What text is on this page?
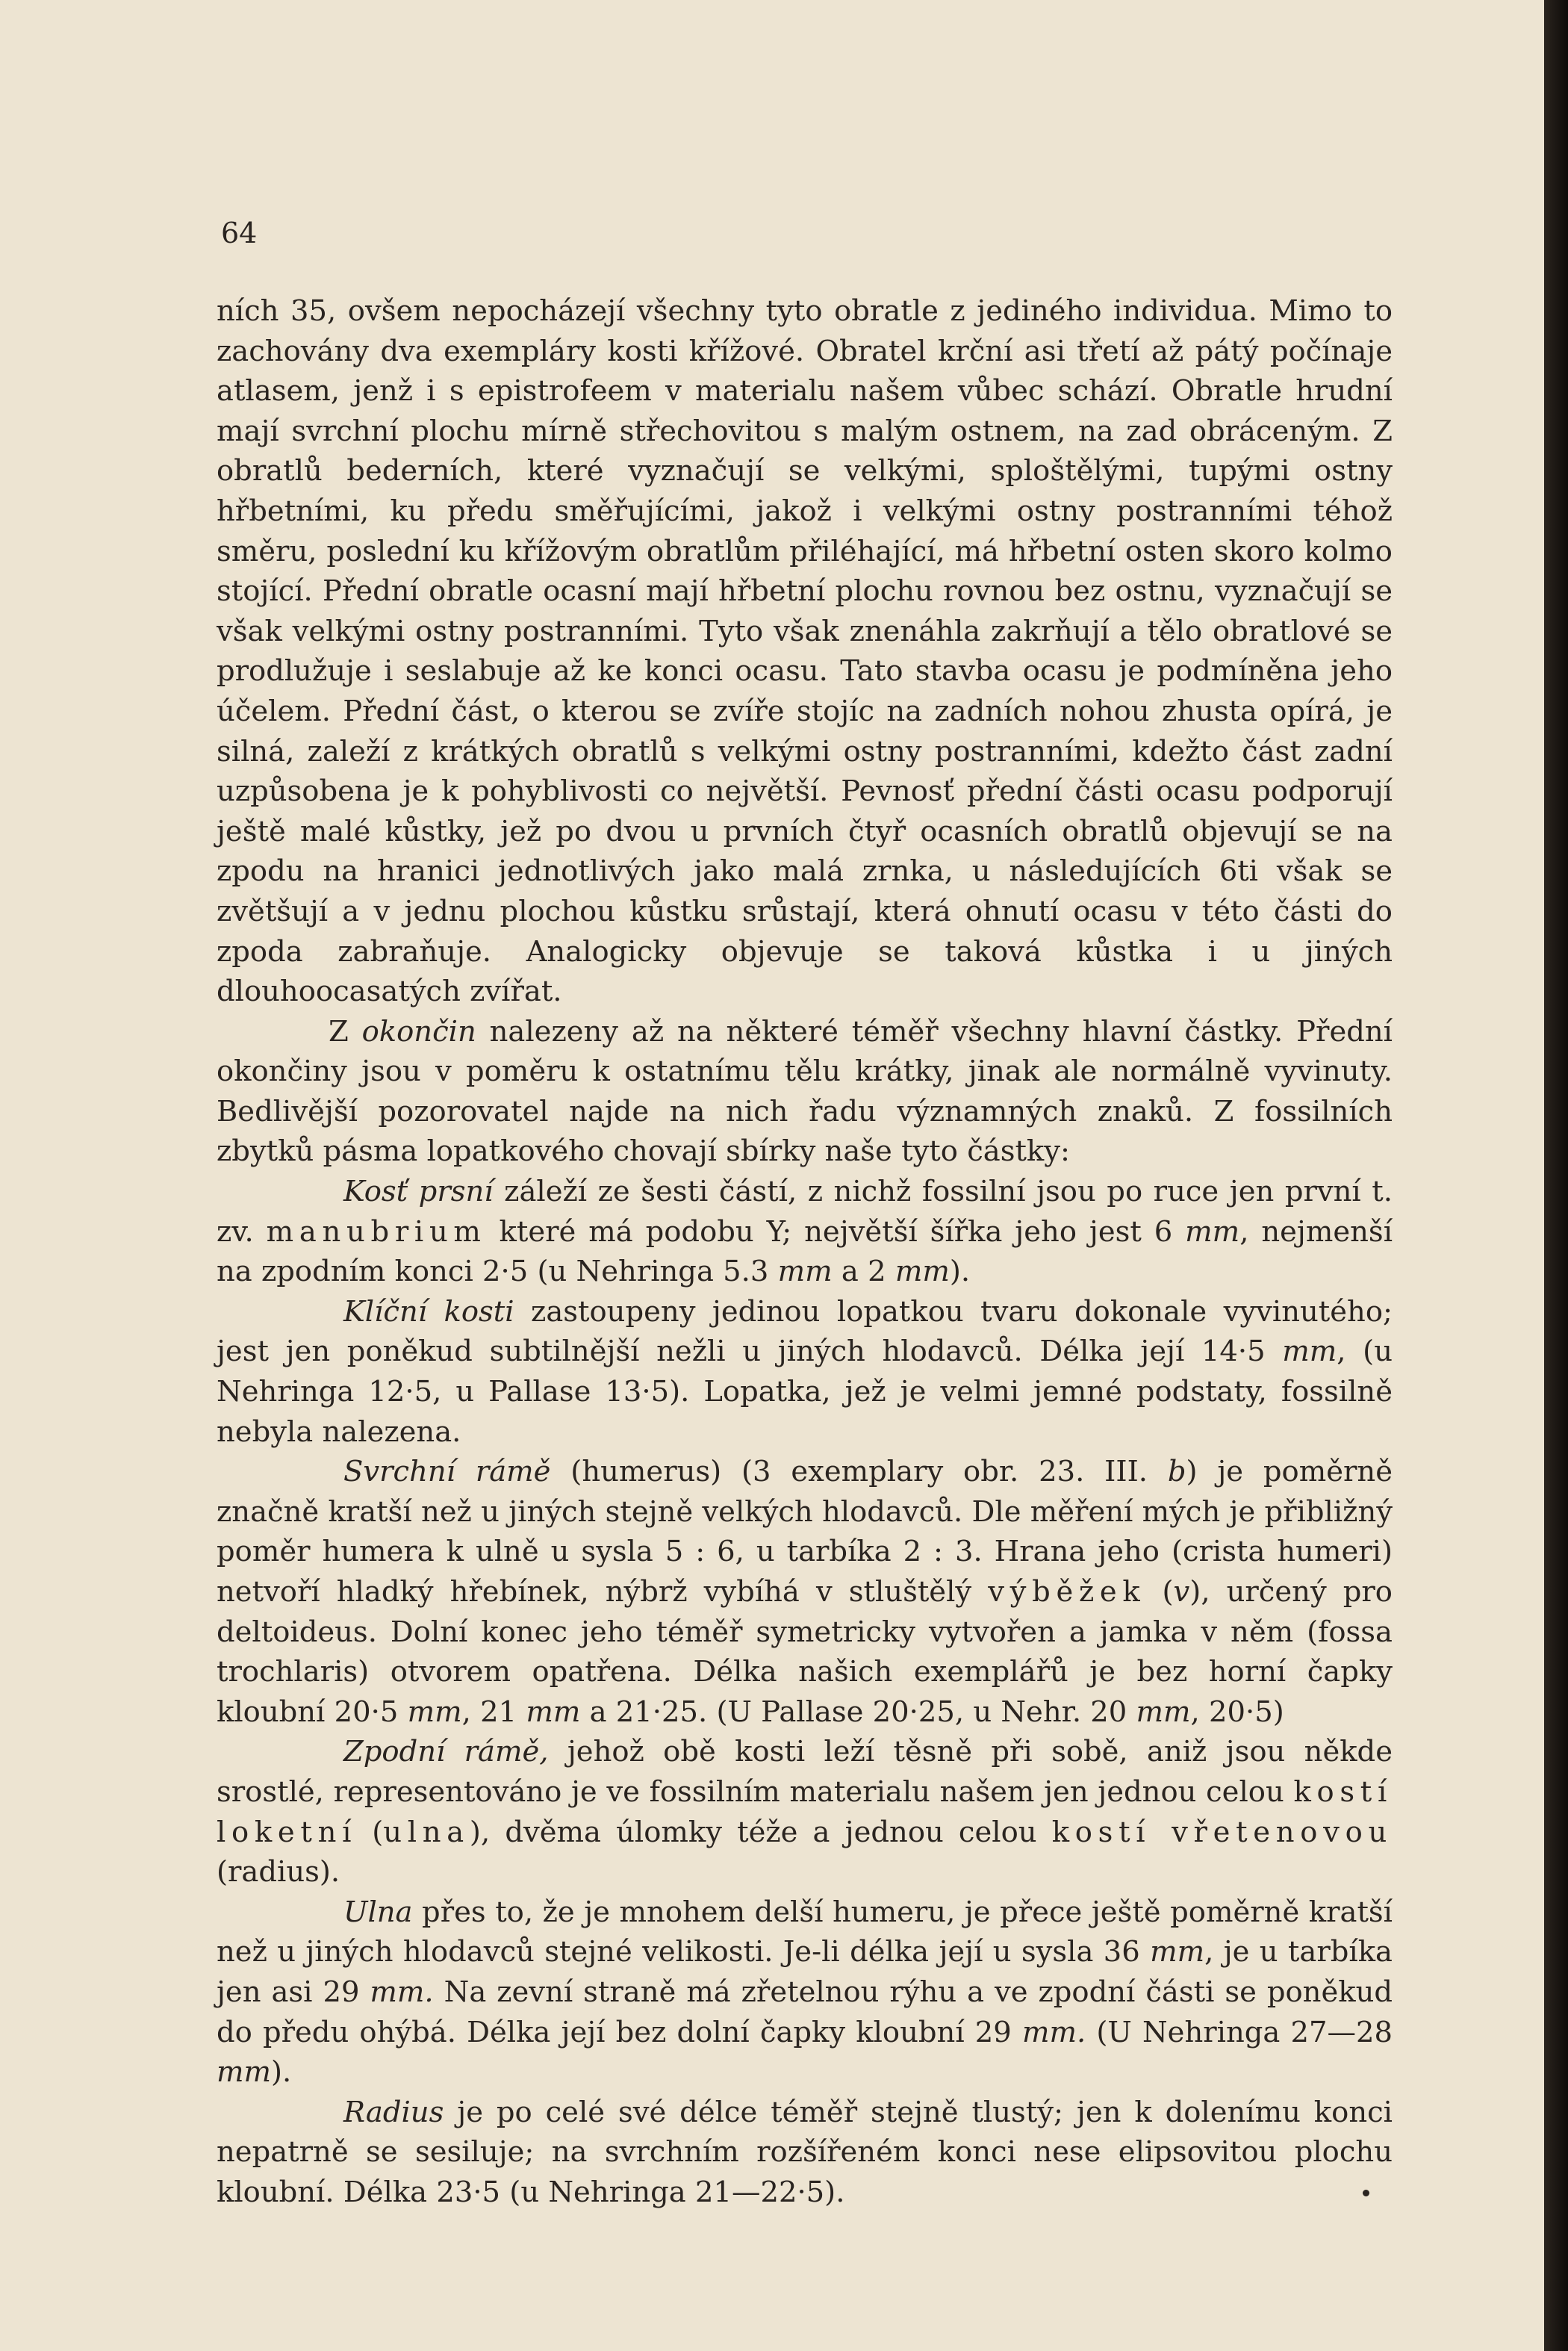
64

ních 35, ovšem nepocházejí všechny tyto obratle z jediného individua. Mimo to zachovány dva exempláry kosti křížové. Obratel krční asi třetí až pátý počínaje atlasem, jenž i s epistrofeem v materialu našem vůbec schází. Obratle hrudní mají svrchní plochu mírně střechovitou s malým ostnem, na zad obráceným. Z obratlů bederních, které vyznačují se velkými, sploštělými, tupými ostny hřbetními, ku předu směřujícími, jakož i velkými ostny postranními téhož směru, poslední ku křížovým obratlům přiléhající, má hřbetní osten skoro kolmo stojící. Přední obratle ocasní mají hřbetní plochu rovnou bez ostnu, vyznačují se však velkými ostny postranními. Tyto však znenáhla zakrňují a tělo obratlové se prodlužuje i seslabuje až ke konci ocasu. Tato stavba ocasu je podmíněna jeho účelem. Přední část, o kterou se zvíře stojíc na zadních nohou zhusta opírá, je silná, zaleží z krátkých obratlů s velkými ostny postranními, kdežto část zadní uzpůsobena je k pohyblivosti co největší. Pevnosť přední části ocasu podporují ještě malé kůstky, jež po dvou u prvních čtyř ocasních obratlů objevují se na zpodu na hranici jednotlivých jako malá zrnka, u následujících 6ti však se zvětšují a v jednu plochou kůstku srůstají, která ohnutí ocasu v této části do zpoda zabraňuje. Analogicky objevuje se taková kůstka i u jiných dlouhoocasatých zvířat.

Z okončin nalezeny až na některé téměř všechny hlavní částky. Přední okončiny jsou v poměru k ostatnímu tělu krátky, jinak ale normálně vyvinuty. Bedlivější pozorovatel najde na nich řadu významných znaků. Z fossilních zbytků pásma lopatkového chovají sbírky naše tyto částky:

Kosť prsní záleží ze šesti částí, z nichž fossilní jsou po ruce jen první t. zv. manubrium které má podobu Y; největší šířka jeho jest 6 mm, nejmenší na zpodním konci 2·5 (u Nehringa 5.3 mm a 2 mm).

Klíční kosti zastoupeny jedinou lopatkou tvaru dokonale vyvinutého; jest jen poněkud subtilnější nežli u jiných hlodavců. Délka její 14·5 mm, (u Nehringa 12·5, u Pallase 13·5). Lopatka, jež je velmi jemné podstaty, fossilně nebyla nalezena.

Svrchní rámě (humerus) (3 exemplary obr. 23. III. b) je poměrně značně kratší než u jiných stejně velkých hlodavců. Dle měření mých je přibližný poměr humera k ulně u sysla 5 : 6, u tarbíka 2 : 3. Hrana jeho (crista humeri) netvoří hladký hřebínek, nýbrž vybíhá v stluštělý výběžek (v), určený pro deltoideus. Dolní konec jeho téměř symetricky vytvořen a jamka v něm (fossa trochlaris) otvorem opatřena. Délka našich exemplářů je bez horní čapky kloubní 20·5 mm, 21 mm a 21·25. (U Pallase 20·25, u Nehr. 20 mm, 20·5)

Zpodní rámě, jehož obě kosti leží těsně při sobě, aniž jsou někde srostlé, representováno je ve fossilním materialu našem jen jednou celou kostí loketní (ulna), dvěma úlomky téže a jednou celou kostí vřetenovou (radius).

Ulna přes to, že je mnohem delší humeru, je přece ještě poměrně kratší než u jiných hlodavců stejné velikosti. Je-li délka její u sysla 36 mm, je u tarbíka jen asi 29 mm. Na zevní straně má zřetelnou rýhu a ve zpodní části se poněkud do předu ohýbá. Délka její bez dolní čapky kloubní 29 mm. (U Nehringa 27—28 mm).

Radius je po celé své délce téměř stejně tlustý; jen k dolenímu konci nepatrně se sesiluje; na svrchním rozšířeném konci nese elipsovitou plochu kloubní. Délka 23·5 (u Nehringa 21—22·5).
